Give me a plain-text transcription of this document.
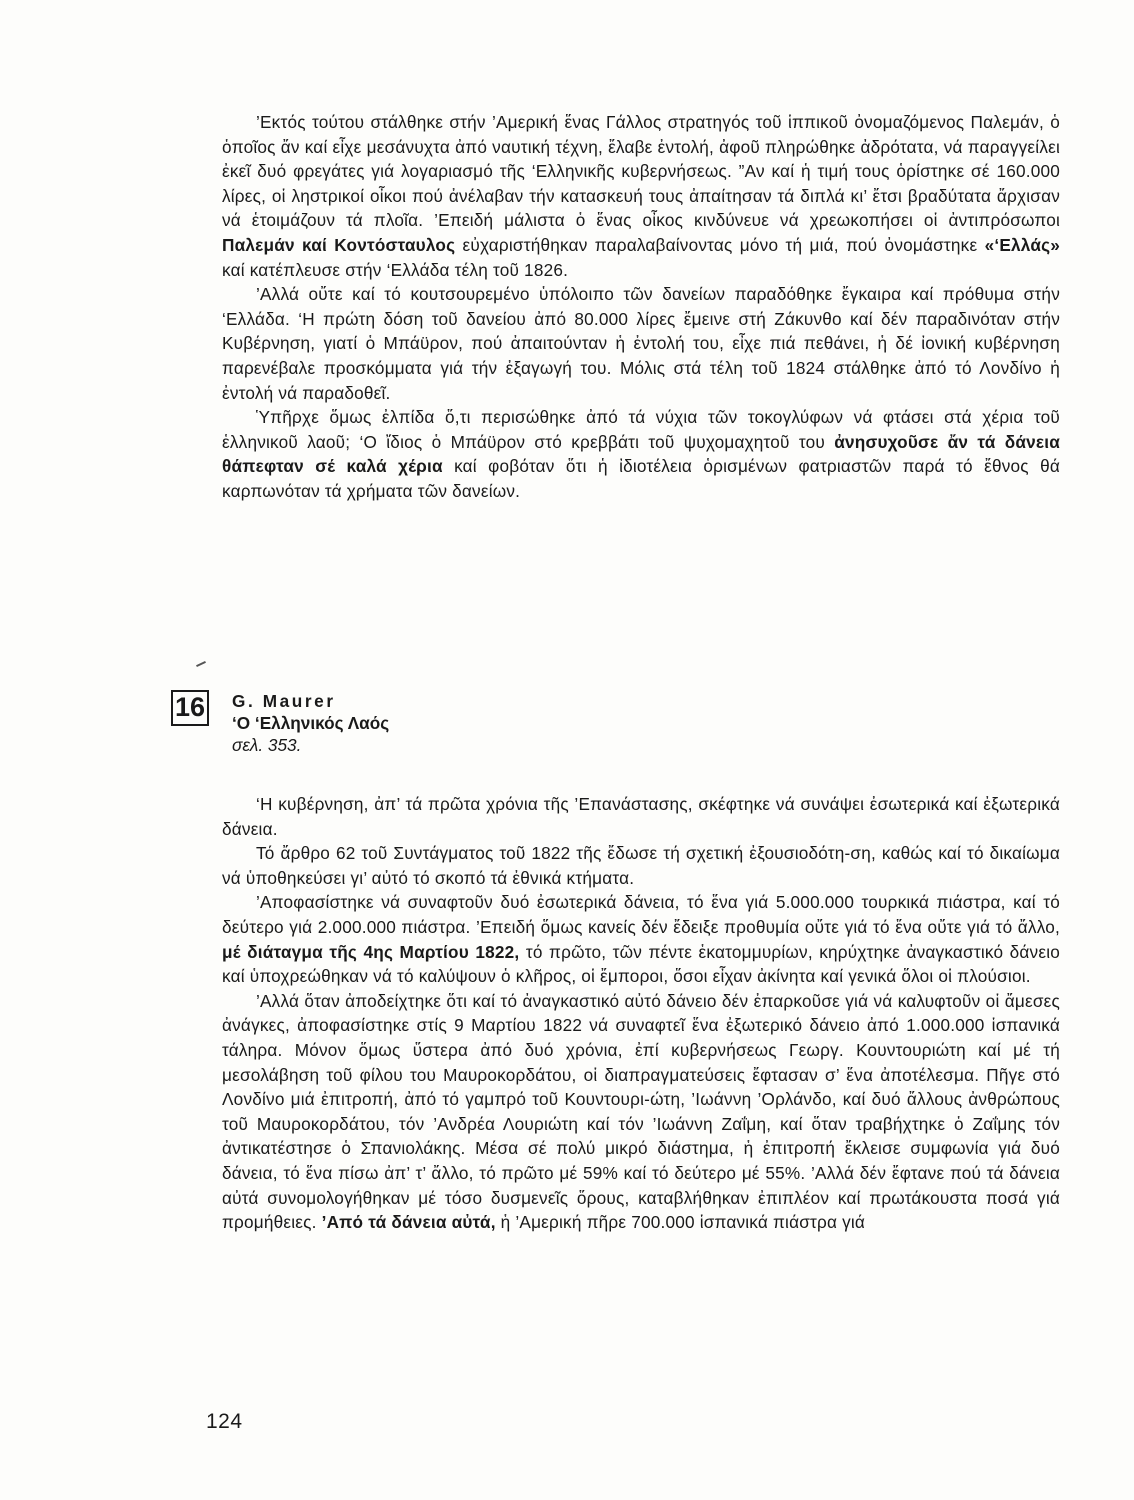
’Εκτός τούτου στάλθηκε στήν ’Αμερική ἕνας Γάλλος στρατηγός τοῦ ἱππικοῦ ὀνομαζόμενος Παλεμάν, ὁ ὁποῖος ἄν καί εἶχε μεσάνυχτα ἀπό ναυτική τέχνη, ἔλαβε ἐντολή, ἀφοῦ πληρώθηκε ἀδρότατα, νά παραγγείλει ἐκεῖ δυό φρεγάτες γιά λογαριασμό τῆς ‘Ελληνικῆς κυβερνήσεως. ”Αν καί ἡ τιμή τους ὁρίστηκε σέ 160.000 λίρες, οἱ ληστρικοί οἶκοι πού ἀνέλαβαν τήν κατασκευή τους ἀπαίτησαν τά διπλά κι’ ἔτσι βραδύτατα ἄρχισαν νά ἑτοιμάζουν τά πλοῖα. ’Επειδή μάλιστα ὁ ἕνας οἶκος κινδύνευε νά χρεωκοπήσει οἱ ἀντιπρόσωποι Παλεμάν καί Κοντόσταυλος εὐχαριστήθηκαν παραλαβαίνοντας μόνο τή μιά, πού ὀνομάστηκε «‘Ελλάς» καί κατέπλευσε στήν ‘Ελλάδα τέλη τοῦ 1826.

’Αλλά οὔτε καί τό κουτσουρεμένο ὑπόλοιπο τῶν δανείων παραδόθηκε ἔγκαιρα καί πρόθυμα στήν ‘Ελλάδα. ‘Η πρώτη δόση τοῦ δανείου ἀπό 80.000 λίρες ἔμεινε στή Ζάκυνθο καί δέν παραδινόταν στήν Κυβέρνηση, γιατί ὁ Μπάϋρον, πού ἀπαιτούνταν ἡ ἐντολή του, εἶχε πιά πεθάνει, ἡ δέ ἰονική κυβέρνηση παρενέβαλε προσκόμματα γιά τήν ἐξαγωγή του. Μόλις στά τέλη τοῦ 1824 στάλθηκε ἀπό τό Λονδίνο ἡ ἐντολή νά παραδοθεῖ.

Ὑπῆρχε ὅμως ἐλπίδα ὅ,τι περισώθηκε ἀπό τά νύχια τῶν τοκογλύφων νά φτάσει στά χέρια τοῦ ἑλληνικοῦ λαοῦ; ‘Ο ἴδιος ὁ Μπάϋρον στό κρεββάτι τοῦ ψυχομαχητοῦ του ἀνησυχοῦσε ἄν τά δάνεια θάπεφταν σέ καλά χέρια καί φοβόταν ὅτι ἡ ἰδιοτέλεια ὁρισμένων φατριαστῶν παρά τό ἔθνος θά καρπωνόταν τά χρήματα τῶν δανείων.

16 G. Maurer
‘Ο ‘Ελληνικός Λαός
σελ. 353.

‘Η κυβέρνηση, ἀπ’ τά πρῶτα χρόνια τῆς ’Επανάστασης, σκέφτηκε νά συνάψει ἐσωτερικά καί ἐξωτερικά δάνεια.

Τό ἄρθρο 62 τοῦ Συντάγματος τοῦ 1822 τῆς ἔδωσε τή σχετική ἐξουσιοδότη-ση, καθώς καί τό δικαίωμα νά ὑποθηκεύσει γι’ αὐτό τό σκοπό τά ἐθνικά κτήματα.

’Αποφασίστηκε νά συναφτοῦν δυό ἐσωτερικά δάνεια, τό ἕνα γιά 5.000.000 τουρκικά πιάστρα, καί τό δεύτερο γιά 2.000.000 πιάστρα. ’Επειδή ὅμως κανείς δέν ἔδειξε προθυμία οὔτε γιά τό ἕνα οὔτε γιά τό ἄλλο, μέ διάταγμα τῆς 4ης Μαρτίου 1822, τό πρῶτο, τῶν πέντε ἑκατομμυρίων, κηρύχτηκε ἀναγκαστικό δάνειο καί ὑποχρεώθηκαν νά τό καλύψουν ὁ κλῆρος, οἱ ἔμποροι, ὅσοι εἶχαν ἀκίνητα καί γενικά ὅλοι οἱ πλούσιοι.

’Αλλά ὅταν ἀποδείχτηκε ὅτι καί τό ἀναγκαστικό αὐτό δάνειο δέν ἐπαρκοῦσε γιά νά καλυφτοῦν οἱ ἄμεσες ἀνάγκες, ἀποφασίστηκε στίς 9 Μαρτίου 1822 νά συναφτεῖ ἕνα ἐξωτερικό δάνειο ἀπό 1.000.000 ἱσπανικά τάληρα. Μόνον ὅμως ὕστερα ἀπό δυό χρόνια, ἐπί κυβερνήσεως Γεωργ. Κουντουριώτη καί μέ τή μεσολάβηση τοῦ φίλου του Μαυροκορδάτου, οἱ διαπραγματεύσεις ἔφτασαν σ’ ἕνα ἀποτέλεσμα. Πῆγε στό Λονδίνο μιά ἐπιτροπή, ἀπό τό γαμπρό τοῦ Κουντουρι-ώτη, ’Ιωάννη ’Ορλάνδο, καί δυό ἄλλους ἀνθρώπους τοῦ Μαυροκορδάτου, τόν ’Ανδρέα Λουριώτη καί τόν ’Ιωάννη Ζαΐμη, καί ὅταν τραβήχτηκε ὁ Ζαΐμης τόν ἀντικατέστησε ὁ Σπανιολάκης. Μέσα σέ πολύ μικρό διάστημα, ἡ ἐπιτροπή ἔκλεισε συμφωνία γιά δυό δάνεια, τό ἕνα πίσω ἀπ’ τ’ ἄλλο, τό πρῶτο μέ 59% καί τό δεύτερο μέ 55%. ’Αλλά δέν ἔφτανε πού τά δάνεια αὐτά συνομολογήθηκαν μέ τόσο δυσμενεῖς ὅρους, καταβλήθηκαν ἐπιπλέον καί πρωτάκουστα ποσά γιά προμήθειες. ’Από τά δάνεια αὐτά, ἡ ’Αμερική πῆρε 700.000 ἱσπανικά πιάστρα γιά

124
